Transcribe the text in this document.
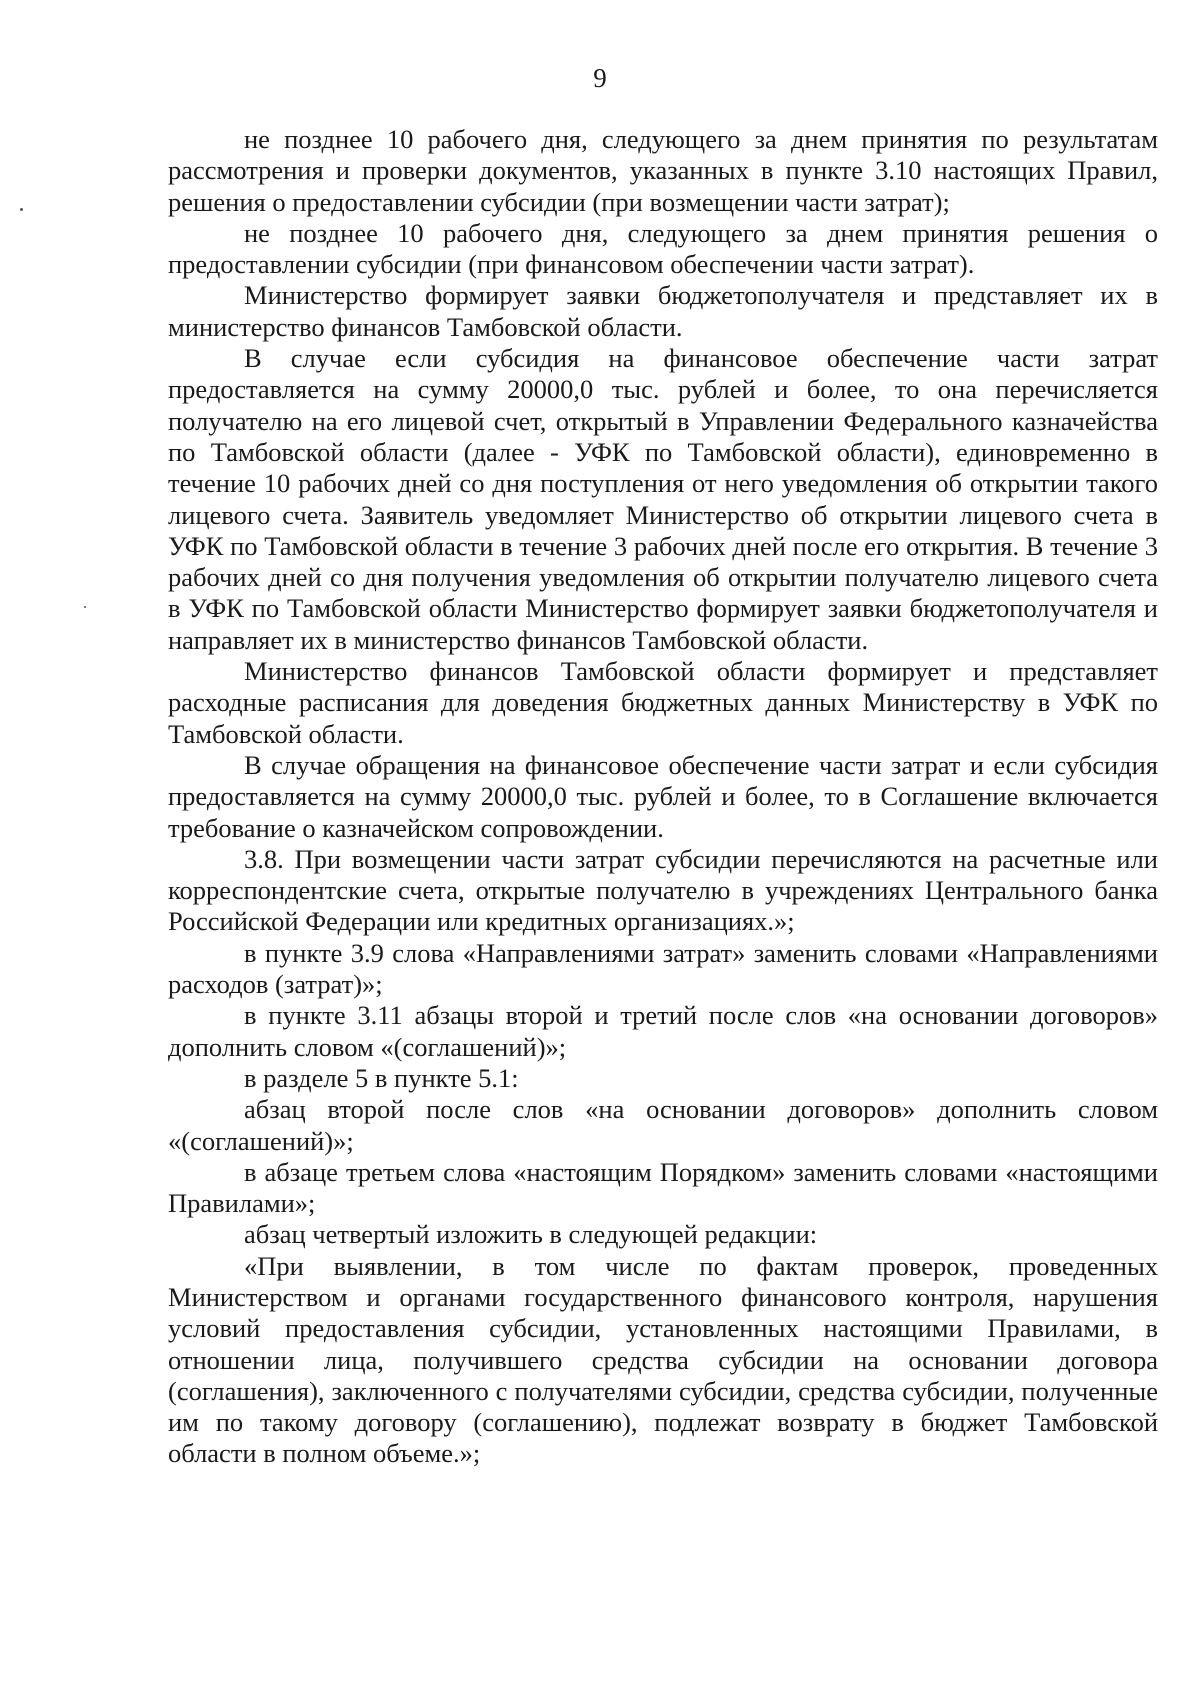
9

не позднее 10 рабочего дня, следующего за днем принятия по результатам рассмотрения и проверки документов, указанных в пункте 3.10 настоящих Правил, решения о предоставлении субсидии (при возмещении части затрат);

не позднее 10 рабочего дня, следующего за днем принятия решения о предоставлении субсидии (при финансовом обеспечении части затрат).

Министерство формирует заявки бюджетополучателя и представляет их в министерство финансов Тамбовской области.

В случае если субсидия на финансовое обеспечение части затрат предоставляется на сумму 20000,0 тыс. рублей и более, то она перечисляется получателю на его лицевой счет, открытый в Управлении Федерального казначейства по Тамбовской области (далее - УФК по Тамбовской области), единовременно в течение 10 рабочих дней со дня поступления от него уведомления об открытии такого лицевого счета. Заявитель уведомляет Министерство об открытии лицевого счета в УФК по Тамбовской области в течение 3 рабочих дней после его открытия. В течение 3 рабочих дней со дня получения уведомления об открытии получателю лицевого счета в УФК по Тамбовской области Министерство формирует заявки бюджетополучателя и направляет их в министерство финансов Тамбовской области.

Министерство финансов Тамбовской области формирует и представляет расходные расписания для доведения бюджетных данных Министерству в УФК по Тамбовской области.

В случае обращения на финансовое обеспечение части затрат и если субсидия предоставляется на сумму 20000,0 тыс. рублей и более, то в Соглашение включается требование о казначейском сопровождении.

3.8. При возмещении части затрат субсидии перечисляются на расчетные или корреспондентские счета, открытые получателю в учреждениях Центрального банка Российской Федерации или кредитных организациях.»;

в пункте 3.9 слова «Направлениями затрат» заменить словами «Направлениями расходов (затрат)»;

в пункте 3.11 абзацы второй и третий после слов «на основании договоров» дополнить словом «(соглашений)»;

в разделе 5 в пункте 5.1:

абзац второй после слов «на основании договоров» дополнить словом «(соглашений)»;

в абзаце третьем слова «настоящим Порядком» заменить словами «настоящими Правилами»;

абзац четвертый изложить в следующей редакции:

«При выявлении, в том числе по фактам проверок, проведенных Министерством и органами государственного финансового контроля, нарушения условий предоставления субсидии, установленных настоящими Правилами, в отношении лица, получившего средства субсидии на основании договора (соглашения), заключенного с получателями субсидии, средства субсидии, полученные им по такому договору (соглашению), подлежат возврату в бюджет Тамбовской области в полном объеме.»;
